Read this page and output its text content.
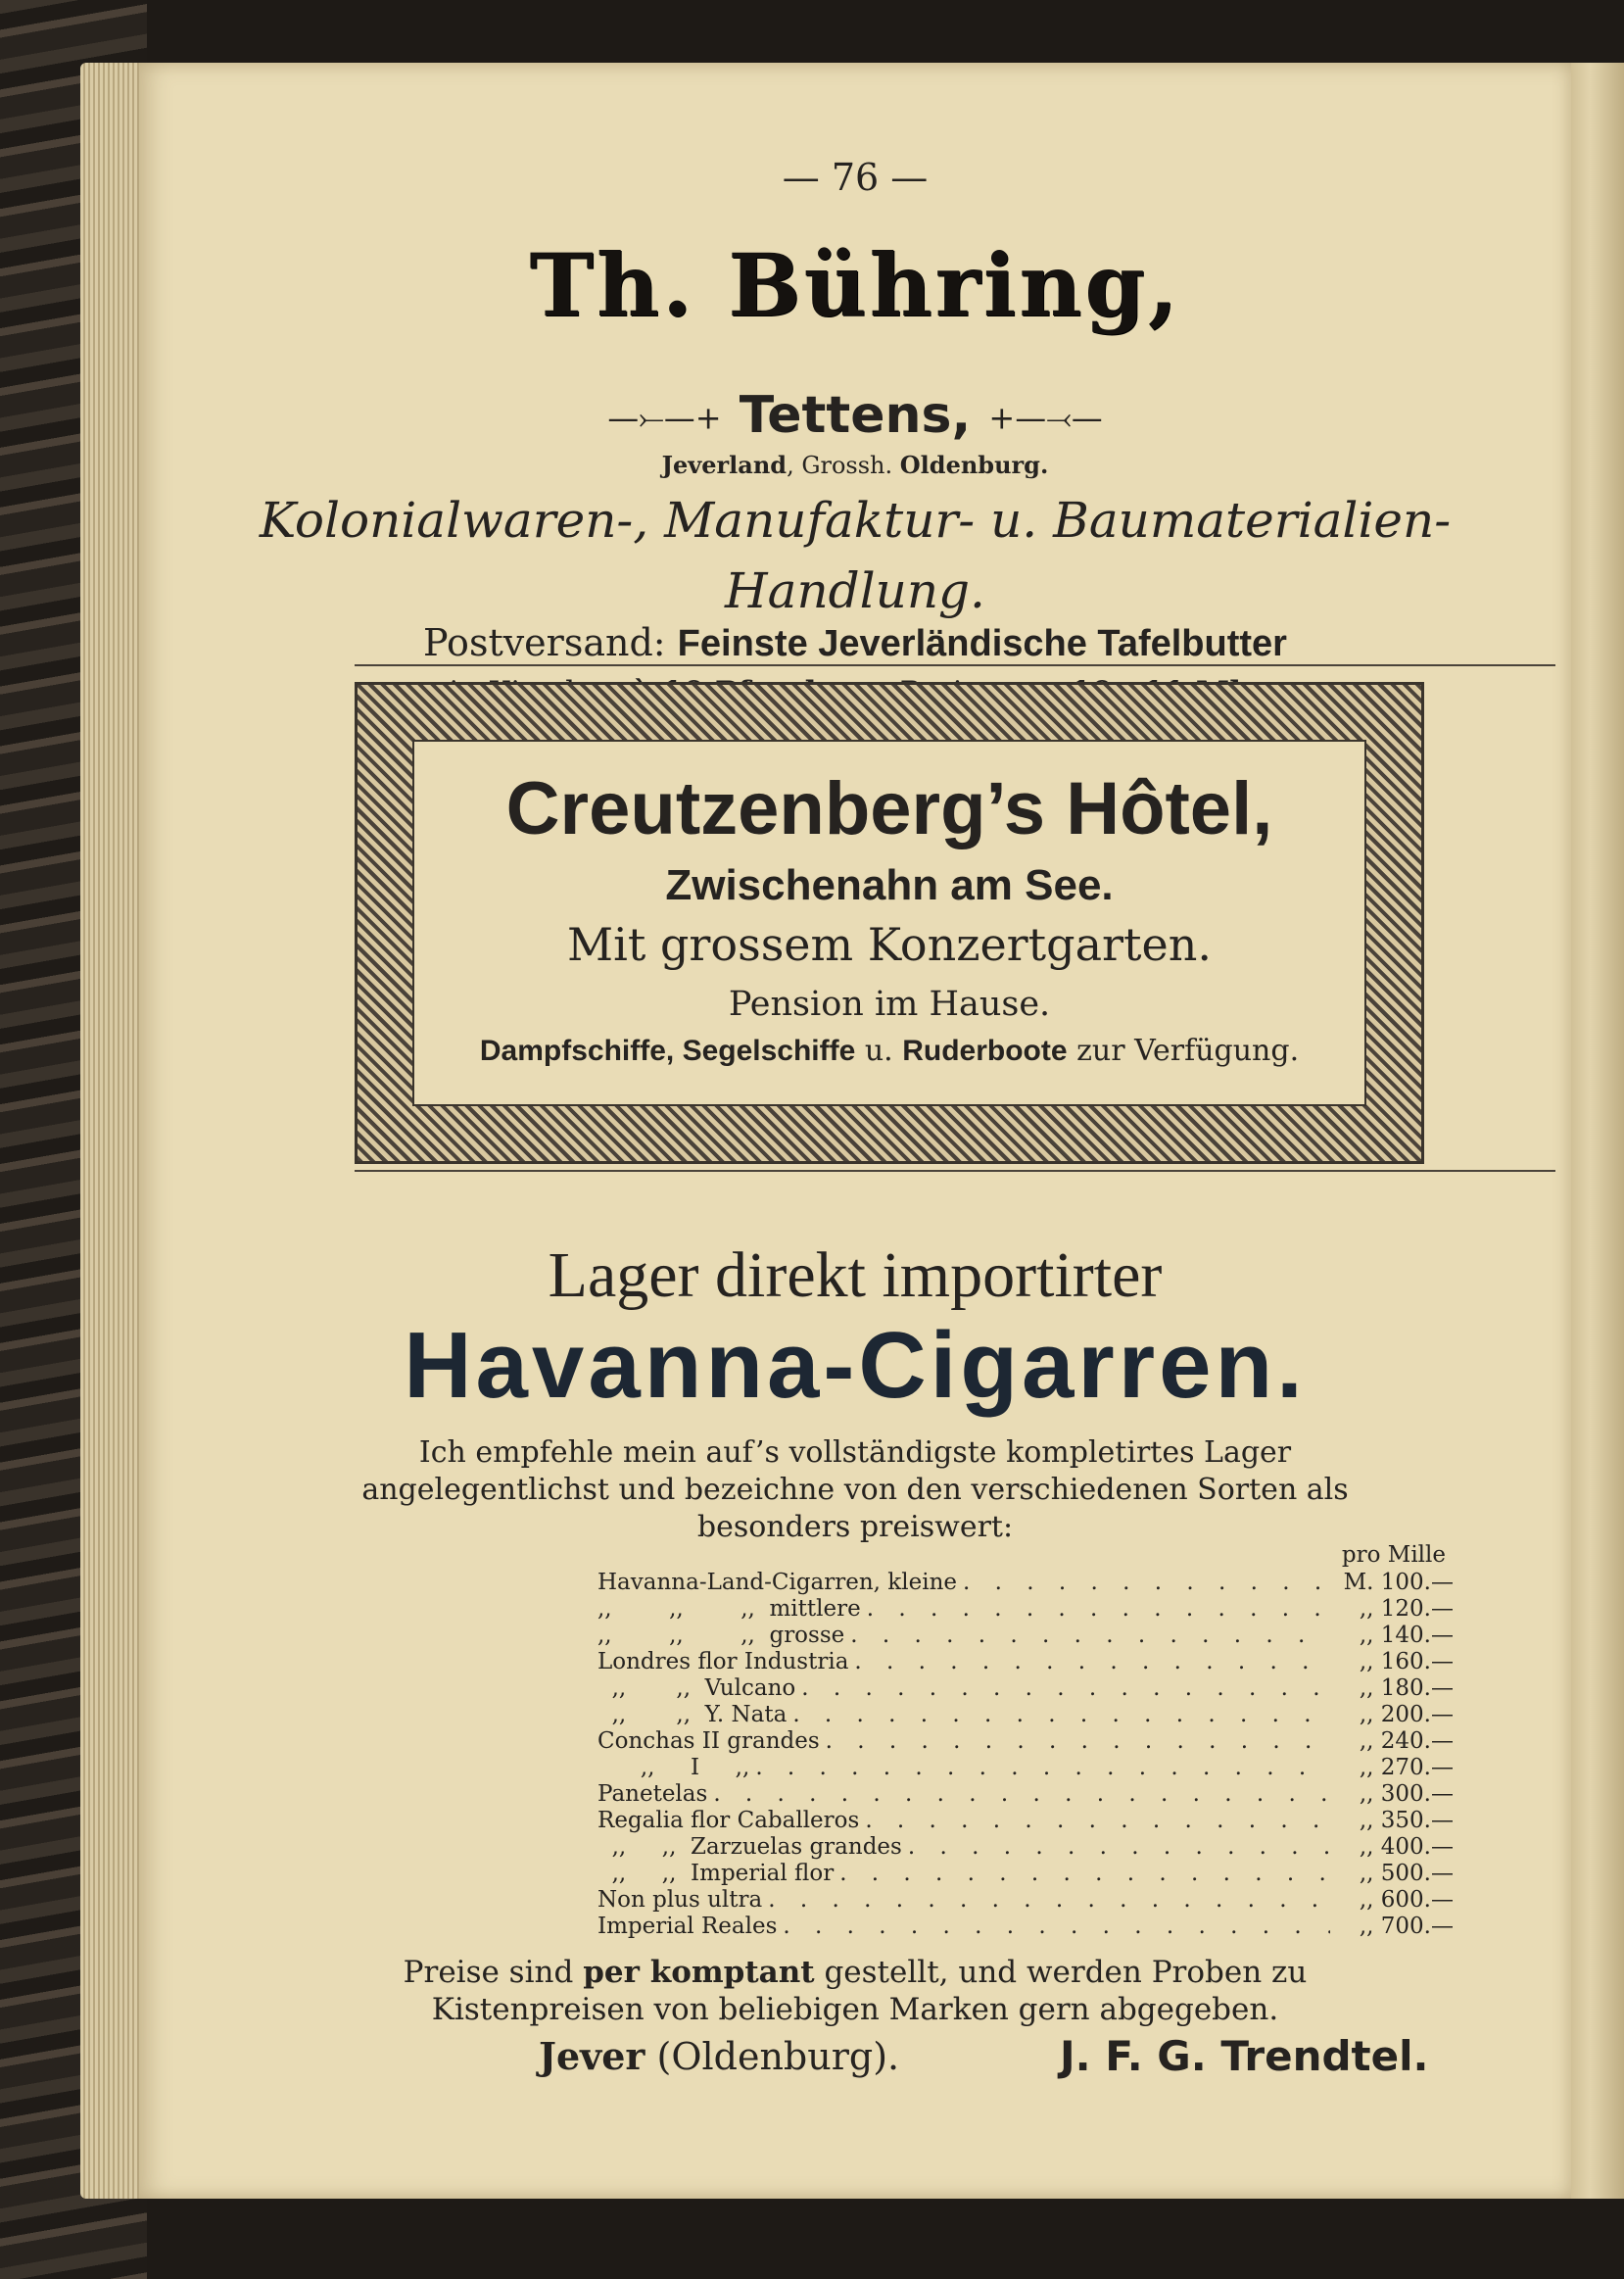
— 76 —
Th. Bühring,
—⤚—+ Tettens, +—⤙—
Jeverland, Grossh. Oldenburg.
Kolonialwaren-, Manufaktur- u. Baumaterialien-
Handlung.
Postversand: Feinste Jeverländische Tafelbutter
Creutzenberg’s Hôtel,
Zwischenahn am See.
Mit grossem Konzertgarten.
Pension im Hause.
Dampfschiffe, Segelschiffe u. Ruderboote zur Verfügung.
Lager direkt importirter
Havanna-Cigarren.
Ich empfehle mein auf’s vollständigste kompletirtes Lager angelegentlichst und bezeichne von den verschiedenen Sorten als besonders preiswert:
pro Mille
Havanna-Land-Cigarren, kleine . . .	M. 100.—
,,        ,,        ,,  mittlere . . .	,, 120.—
,,        ,,        ,,  grosse . . .	,, 140.—
Londres flor Industria . . .	,, 160.—
,,       ,,  Vulcano . . .	,, 180.—
,,       ,,  Y. Nata . . .	,, 200.—
Conchas II grandes . . .	,, 240.—
,,     I     ,, . . .	,, 270.—
Panetelas . . .	,, 300.—
Regalia flor Caballeros . . .	,, 350.—
,,     ,,  Zarzuelas grandes . . .	,, 400.—
,,     ,,  Imperial flor . . .	,, 500.—
Non plus ultra . . .	,, 600.—
Imperial Reales . . .	,, 700.—
Preise sind per komptant gestellt, und werden Proben zu Kistenpreisen von beliebigen Marken gern abgegeben.
Jever (Oldenburg).	J. F. G. Trendtel.
